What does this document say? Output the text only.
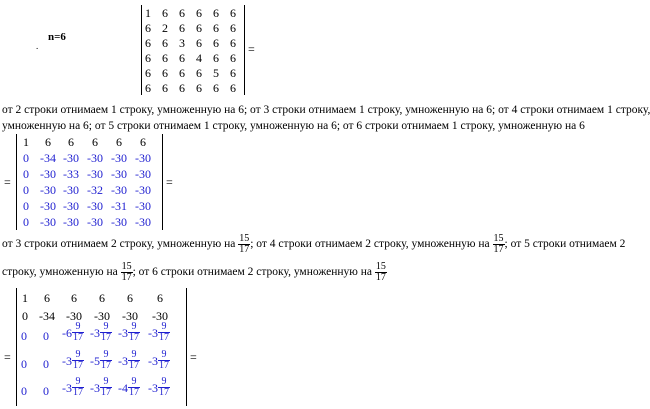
n=6
.
1 6 6 6 6 6
6 2 6 6 6 6
6 6 3 6 6 6
6 6 6 4 6 6
6 6 6 6 5 6
6 6 6 6 6 6
=
от 2 строки отнимаем 1 строку, умноженную на 6; от 3 строки отнимаем 1 строку, умноженную на 6; от 4 строки отнимаем 1 строку,
умноженную на 6; от 5 строки отнимаем 1 строку, умноженную на 6; от 6 строки отнимаем 1 строку, умноженную на 6
=
1	6	6	6	6	6
0 -34 -30 -30 -30 -30
0 -30 -33 -30 -30 -30
0 -30 -30 -32 -30 -30
0 -30 -30 -30 -31 -30
0 -30 -30 -30 -30 -30
=
от 3 строки отнимаем 2 строку, умноженную на $\frac{15}{17}$ ; от 4 строки отнимаем 2 строку, умноженную на $\frac{15}{17}$ ; от 5 строки отнимаем 2
строку, умноженную на $\frac{15}{17}$ ; от 6 строки отнимаем 2 строку, умноженную на $\frac{15}{17}$
=
1	6	6	6	6	6
0 -34 -30	-30	-30	-30
0 0 $-6 \frac{9}{17} -3 \frac{9}{17} -3 \frac{9}{17} -3 \frac{9}{17}$
0 0 $-3 \frac{9}{17} -5 \frac{9}{17} -3 \frac{9}{17} -3 \frac{9}{17}$
0 0 $-3 \frac{9}{17} -3 \frac{9}{17} -4 \frac{9}{17} -3 \frac{9}{17}$
=
